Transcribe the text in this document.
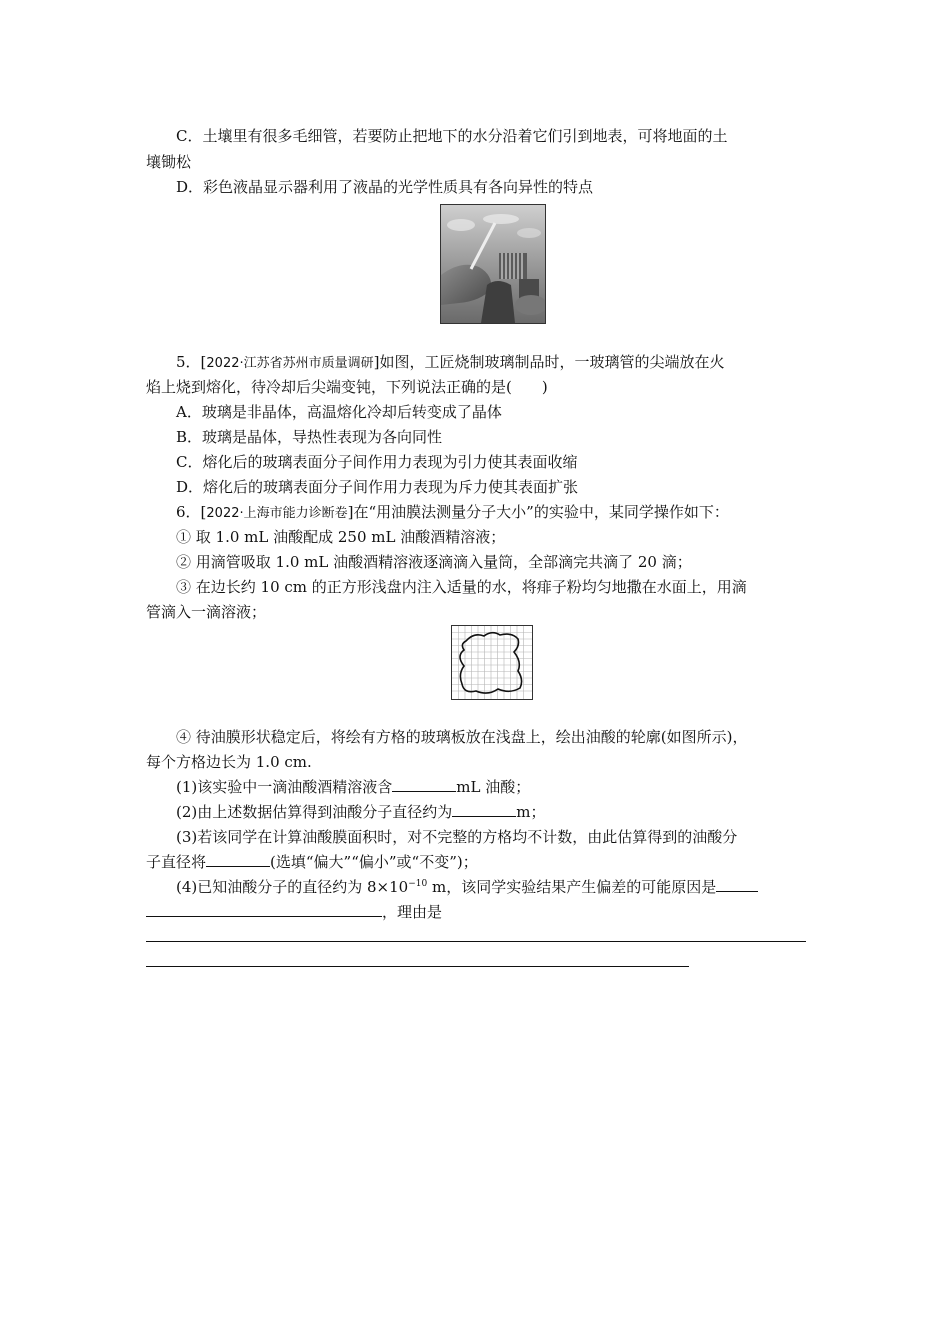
C．土壤里有很多毛细管，若要防止把地下的水分沿着它们引到地表，可将地面的土
壤锄松
D．彩色液晶显示器利用了液晶的光学性质具有各向异性的特点
5．[2022·江苏省苏州市质量调研]如图，工匠烧制玻璃制品时，一玻璃管的尖端放在火
焰上烧到熔化，待冷却后尖端变钝，下列说法正确的是(　　)
A．玻璃是非晶体，高温熔化冷却后转变成了晶体
B．玻璃是晶体，导热性表现为各向同性
C．熔化后的玻璃表面分子间作用力表现为引力使其表面收缩
D．熔化后的玻璃表面分子间作用力表现为斥力使其表面扩张
6．[2022·上海市能力诊断卷]在“用油膜法测量分子大小”的实验中，某同学操作如下：
① 取 1.0 mL 油酸配成 250 mL 油酸酒精溶液；
② 用滴管吸取 1.0 mL 油酸酒精溶液逐滴滴入量筒，全部滴完共滴了 20 滴；
③ 在边长约 10 cm 的正方形浅盘内注入适量的水，将痱子粉均匀地撒在水面上，用滴
管滴入一滴溶液；
④ 待油膜形状稳定后，将绘有方格的玻璃板放在浅盘上，绘出油酸的轮廓(如图所示)，
每个方格边长为 1.0 cm.
(1)该实验中一滴油酸酒精溶液含	mL 油酸；
(2)由上述数据估算得到油酸分子直径约为	m；
(3)若该同学在计算油酸膜面积时，对不完整的方格均不计数，由此估算得到的油酸分
子直径将	(选填“偏大”“偏小”或“不变”)；
(4)已知油酸分子的直径约为 $8\times 10^{-10}$ m，该同学实验结果产生偏差的可能原因是
，理由是
